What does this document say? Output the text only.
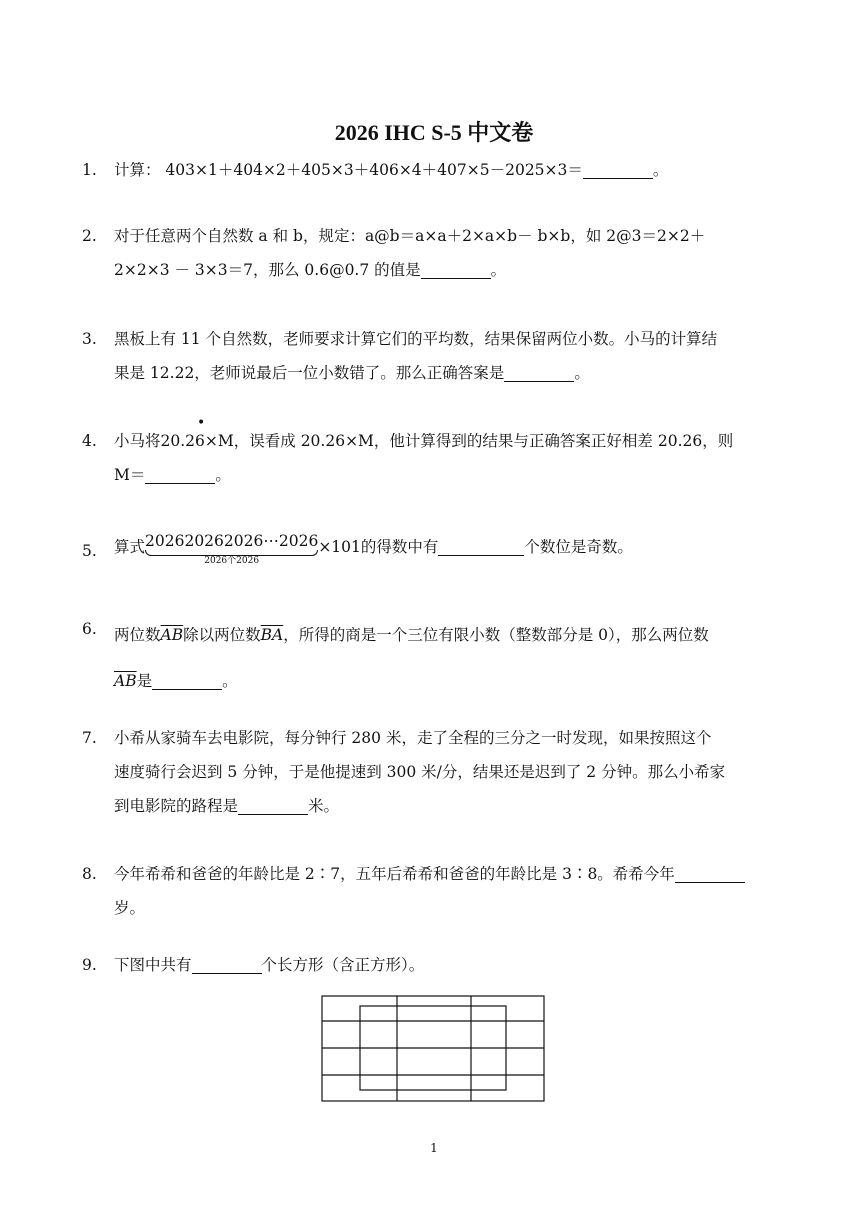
2026 IHC S-5 中文卷
1. 计算： 403×1＋404×2＋405×3＋406×4＋407×5－2025×3＝	。
2. 对于任意两个自然数 a 和 b，规定：a@b＝a×a＋2×a×b－ b×b，如 2@3＝2×2＋
2×2×3 － 3×3＝7，那么 0.6@0.7 的值是	。
3. 黑板上有 11 个自然数，老师要求计算它们的平均数，结果保留两位小数。小马的计算结
果是 12.22，老师说最后一位小数错了。那么正确答案是	。
4. 小马将20.2
•
6×M，误看成 20.26×M，他计算得到的结果与正确答案正好相差 20.26，则
M＝	。
5. 算式 202620262026⋯2026
2026个2026
×101的得数中有	个数位是奇数。
6. 两位数$\overline{AB}$除以两位数$\overline{BA}$，所得的商是一个三位有限小数（整数部分是 0），那么两位数
$\overline{AB}$是	。
7. 小希从家骑车去电影院，每分钟行 280 米，走了全程的三分之一时发现，如果按照这个
速度骑行会迟到 5 分钟，于是他提速到 300 米/分，结果还是迟到了 2 分钟。那么小希家
到电影院的路程是	米。
8. 今年希希和爸爸的年龄比是 2∶7，五年后希希和爸爸的年龄比是 3∶8。希希今年
岁。
9. 下图中共有	个长方形（含正方形）。
1
